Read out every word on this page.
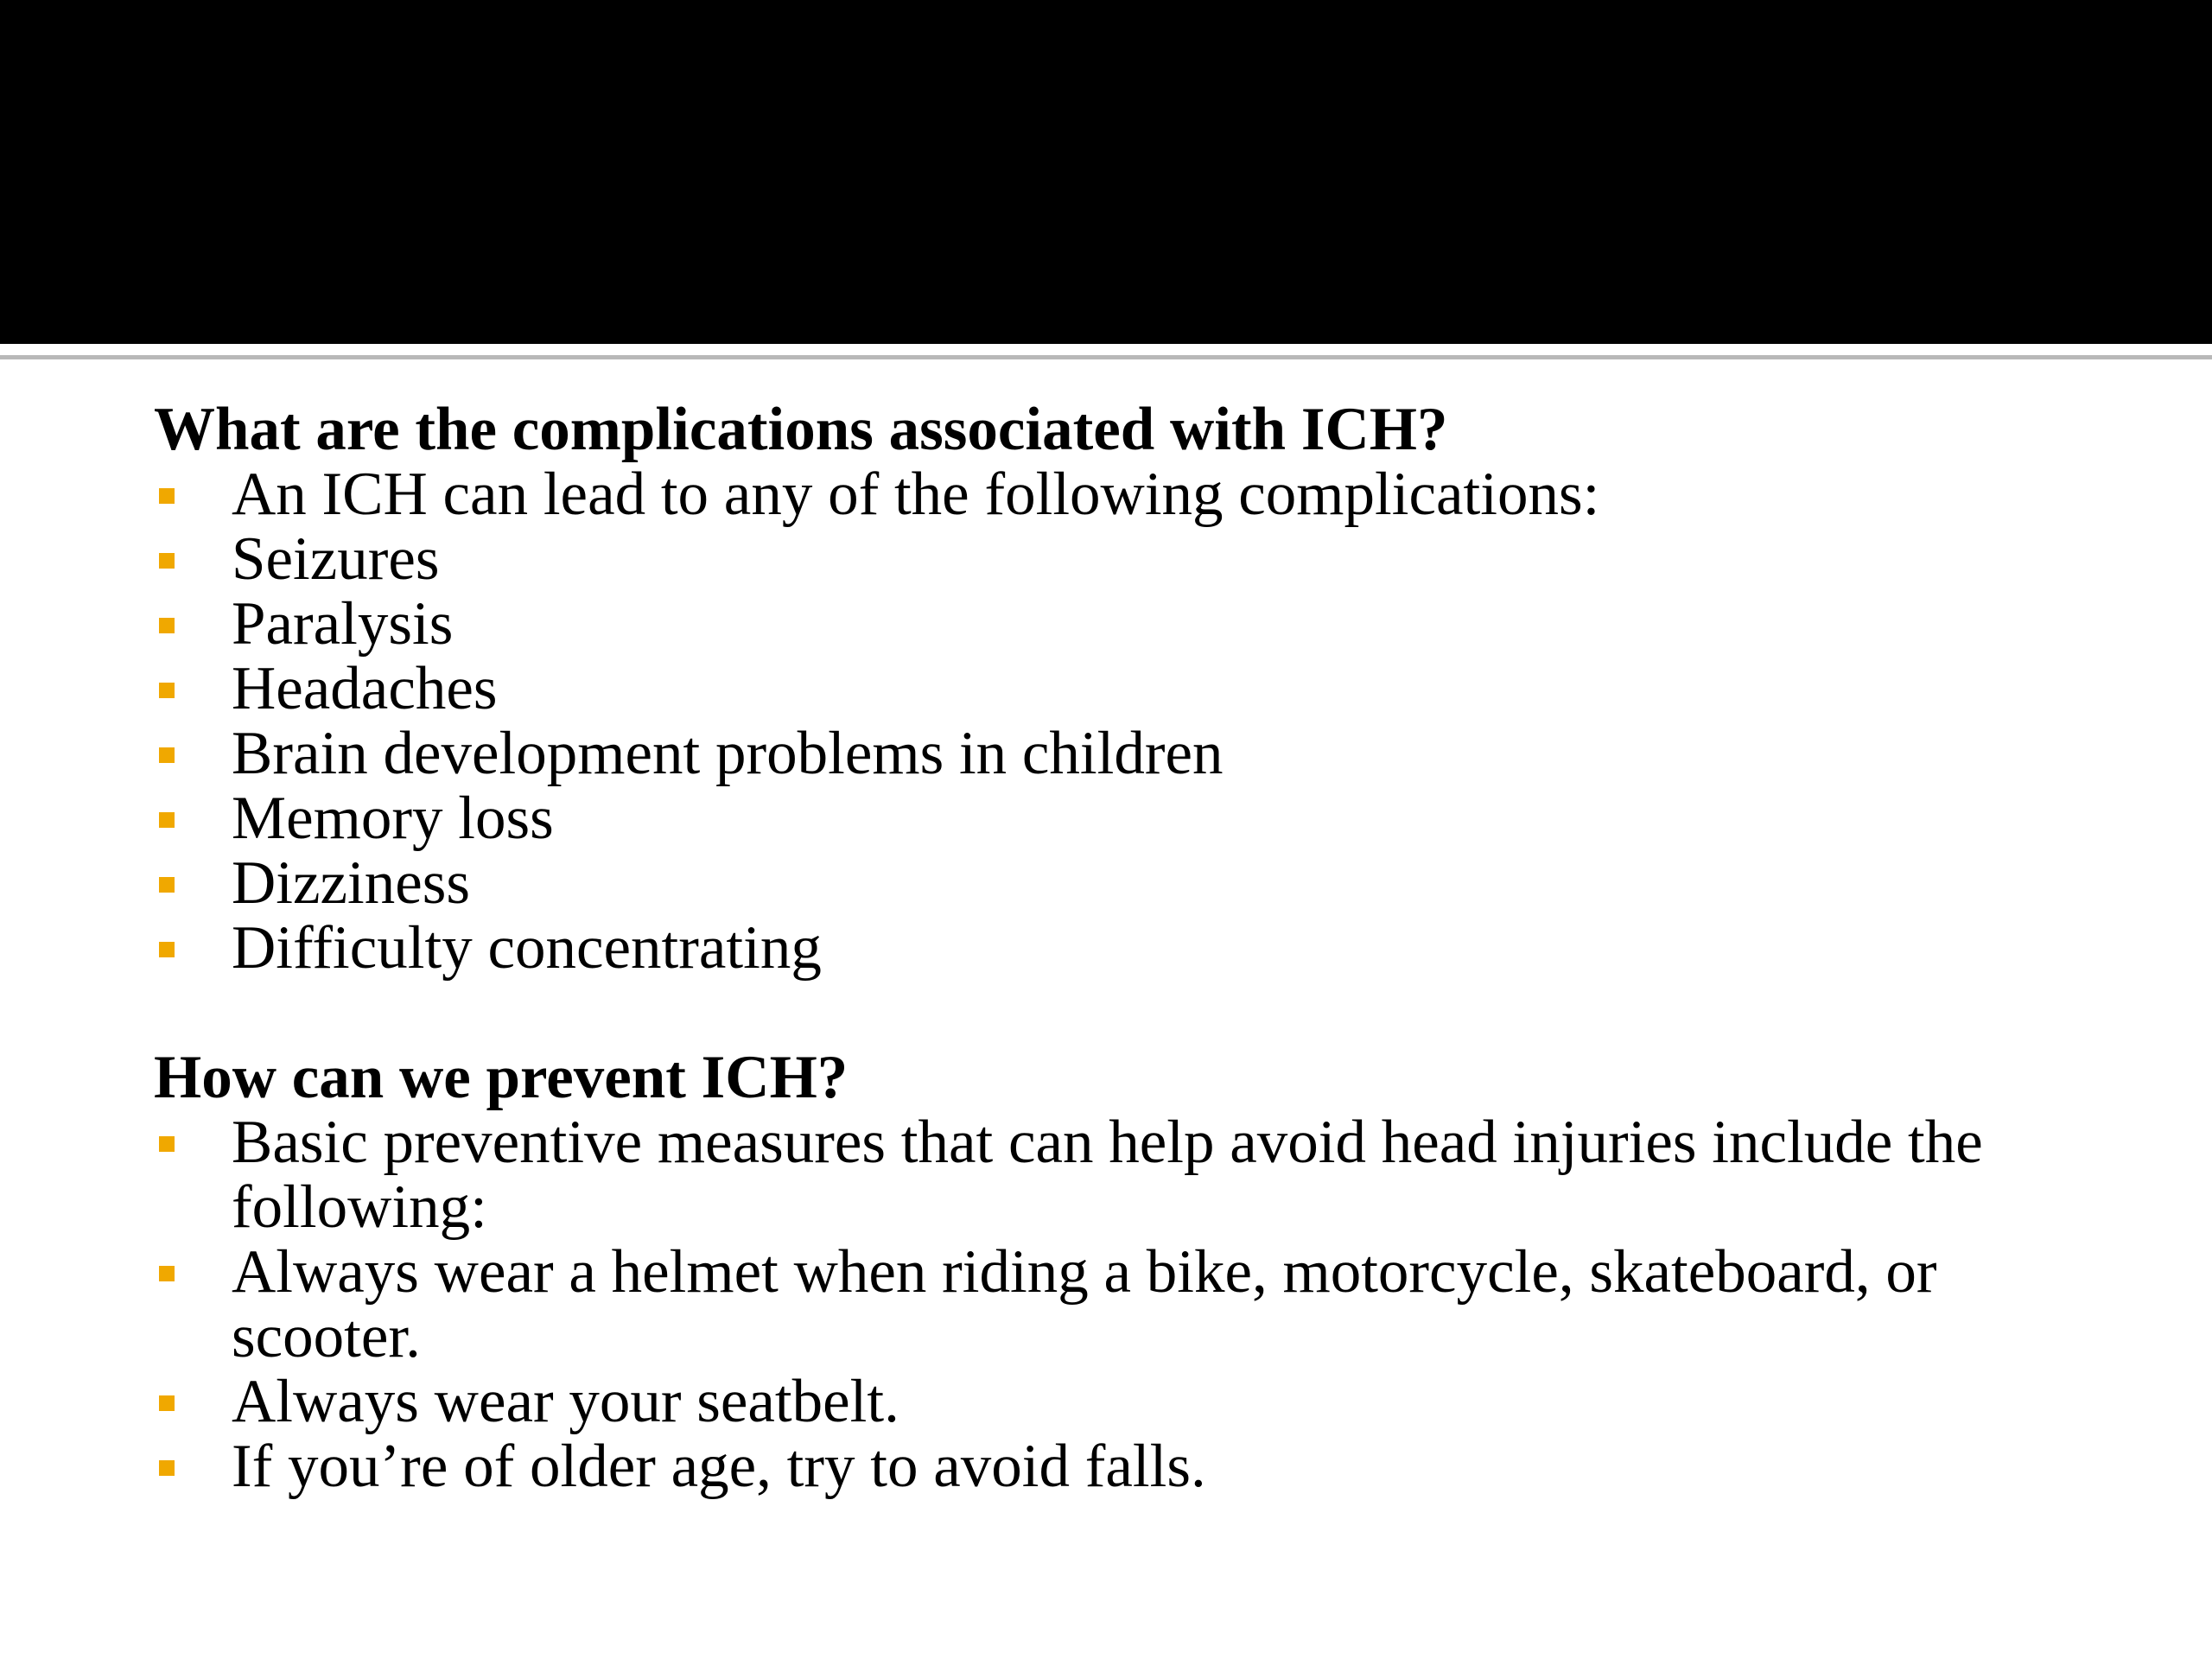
What are the complications associated with ICH?

An ICH can lead to any of the following complications:
Seizures
Paralysis
Headaches
Brain development problems in children
Memory loss
Dizziness
Difficulty concentrating

How can we prevent ICH?

Basic preventive measures that can help avoid head injuries include the following:
Always wear a helmet when riding a bike, motorcycle, skateboard, or scooter.
Always wear your seatbelt.
If you’re of older age, try to avoid falls.
